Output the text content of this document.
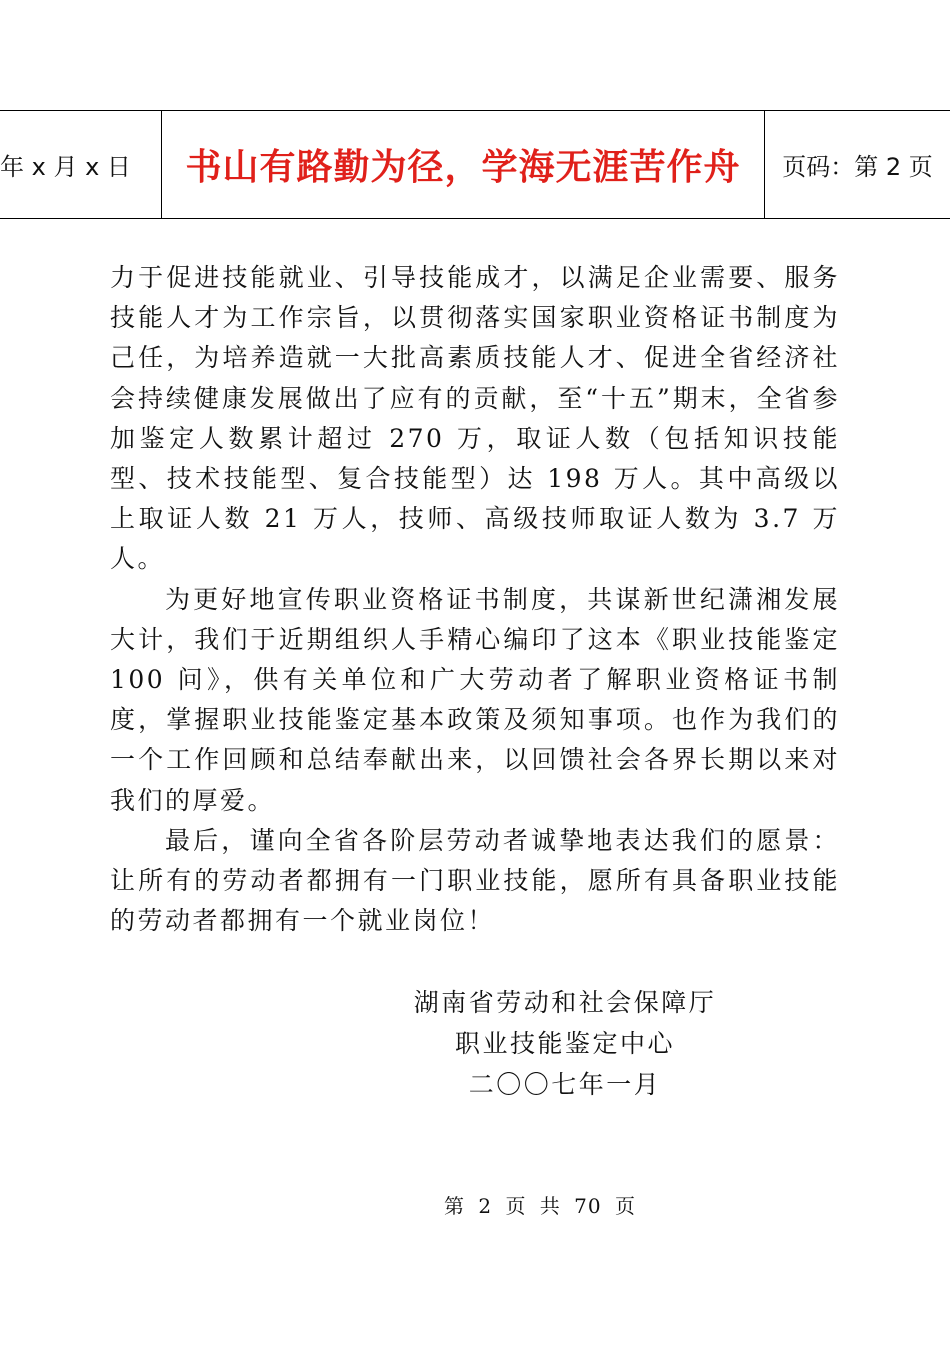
年 x 月 x 日 书山有路勤为径，学海无涯苦作舟 页码：第 2 页

力于促进技能就业、引导技能成才，以满足企业需要、服务技能人才为工作宗旨，以贯彻落实国家职业资格证书制度为己任，为培养造就一大批高素质技能人才、促进全省经济社会持续健康发展做出了应有的贡献，至“十五”期末，全省参加鉴定人数累计超过 270 万，取证人数（包括知识技能型、技术技能型、复合技能型）达 198 万人。其中高级以上取证人数 21 万人，技师、高级技师取证人数为 3.7 万人。

为更好地宣传职业资格证书制度，共谋新世纪潇湘发展大计，我们于近期组织人手精心编印了这本《职业技能鉴定 100 问》，供有关单位和广大劳动者了解职业资格证书制度，掌握职业技能鉴定基本政策及须知事项。也作为我们的一个工作回顾和总结奉献出来，以回馈社会各界长期以来对我们的厚爱。

最后，谨向全省各阶层劳动者诚挚地表达我们的愿景：让所有的劳动者都拥有一门职业技能，愿所有具备职业技能的劳动者都拥有一个就业岗位！

湖南省劳动和社会保障厅
职业技能鉴定中心
二〇〇七年一月
第 2 页 共 70 页
